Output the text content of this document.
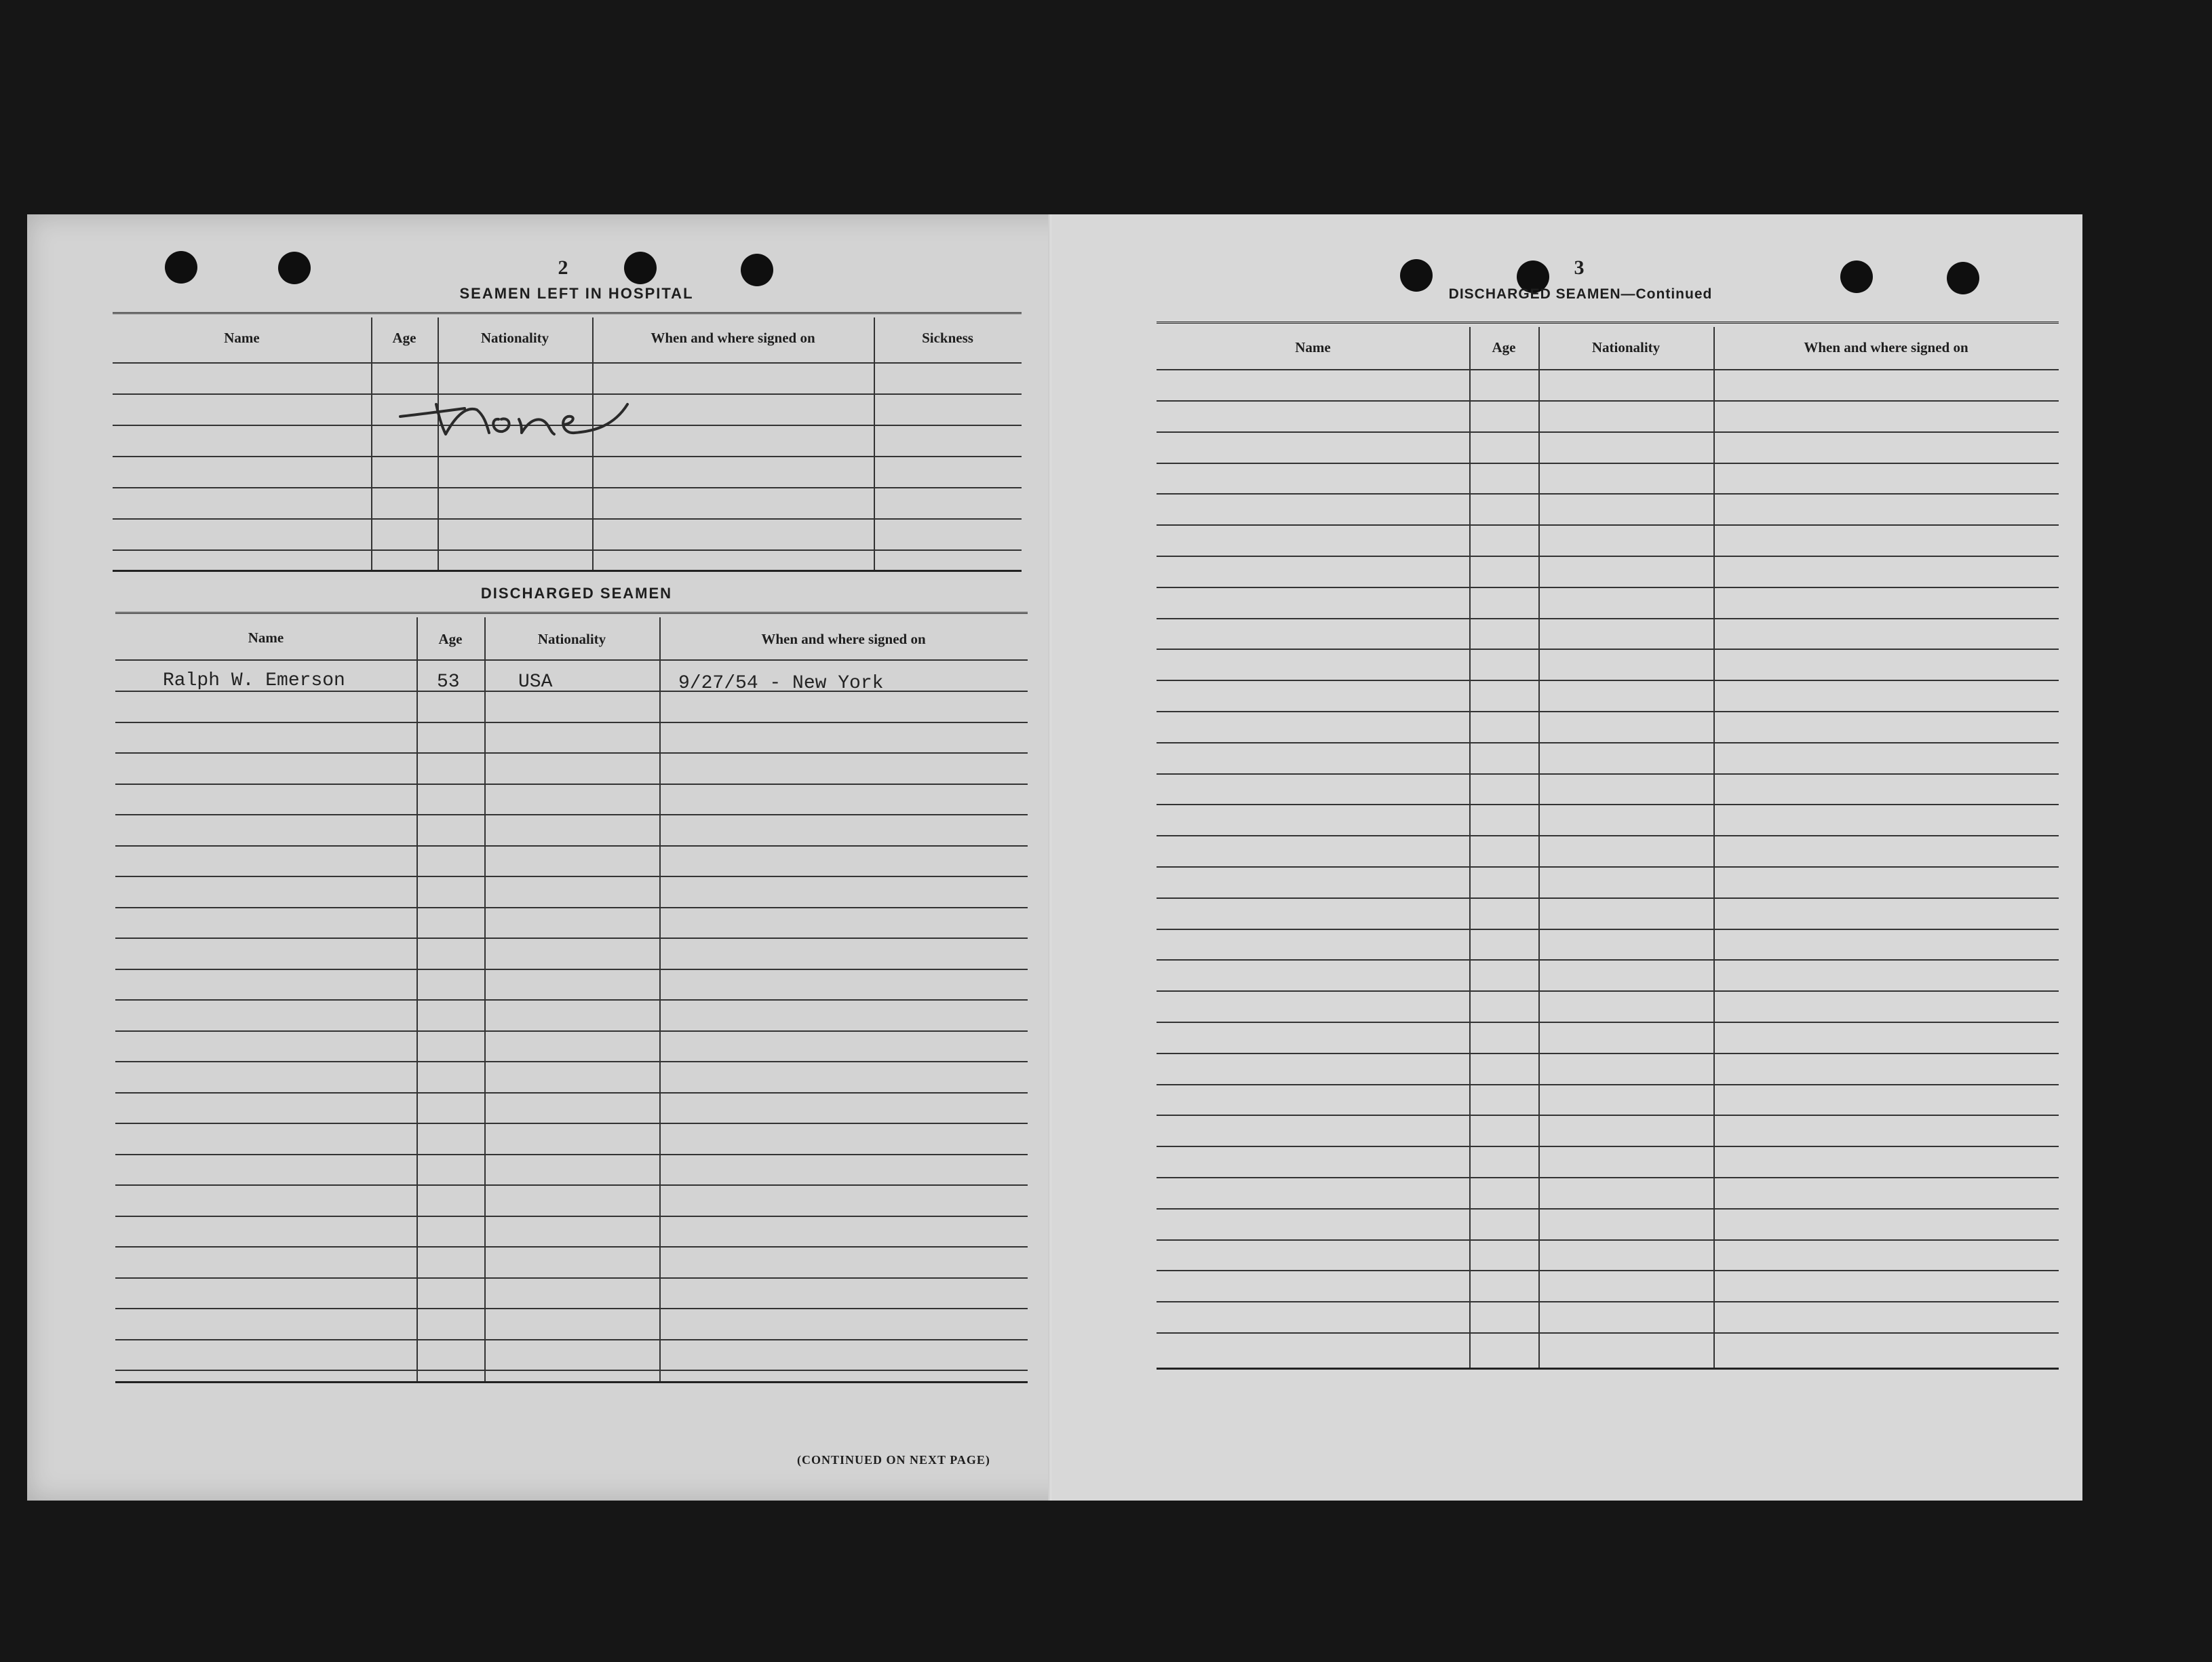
2
SEAMEN LEFT IN HOSPITAL
Name	Age	Nationality	When and where signed on	Sickness
DISCHARGED SEAMEN
Name	Age	Nationality	When and where signed on
Ralph W. Emerson	53	USA	9/27/54 - New York
(CONTINUED ON NEXT PAGE)
3
DISCHARGED SEAMEN—Continued
Name	Age	Nationality	When and where signed on
